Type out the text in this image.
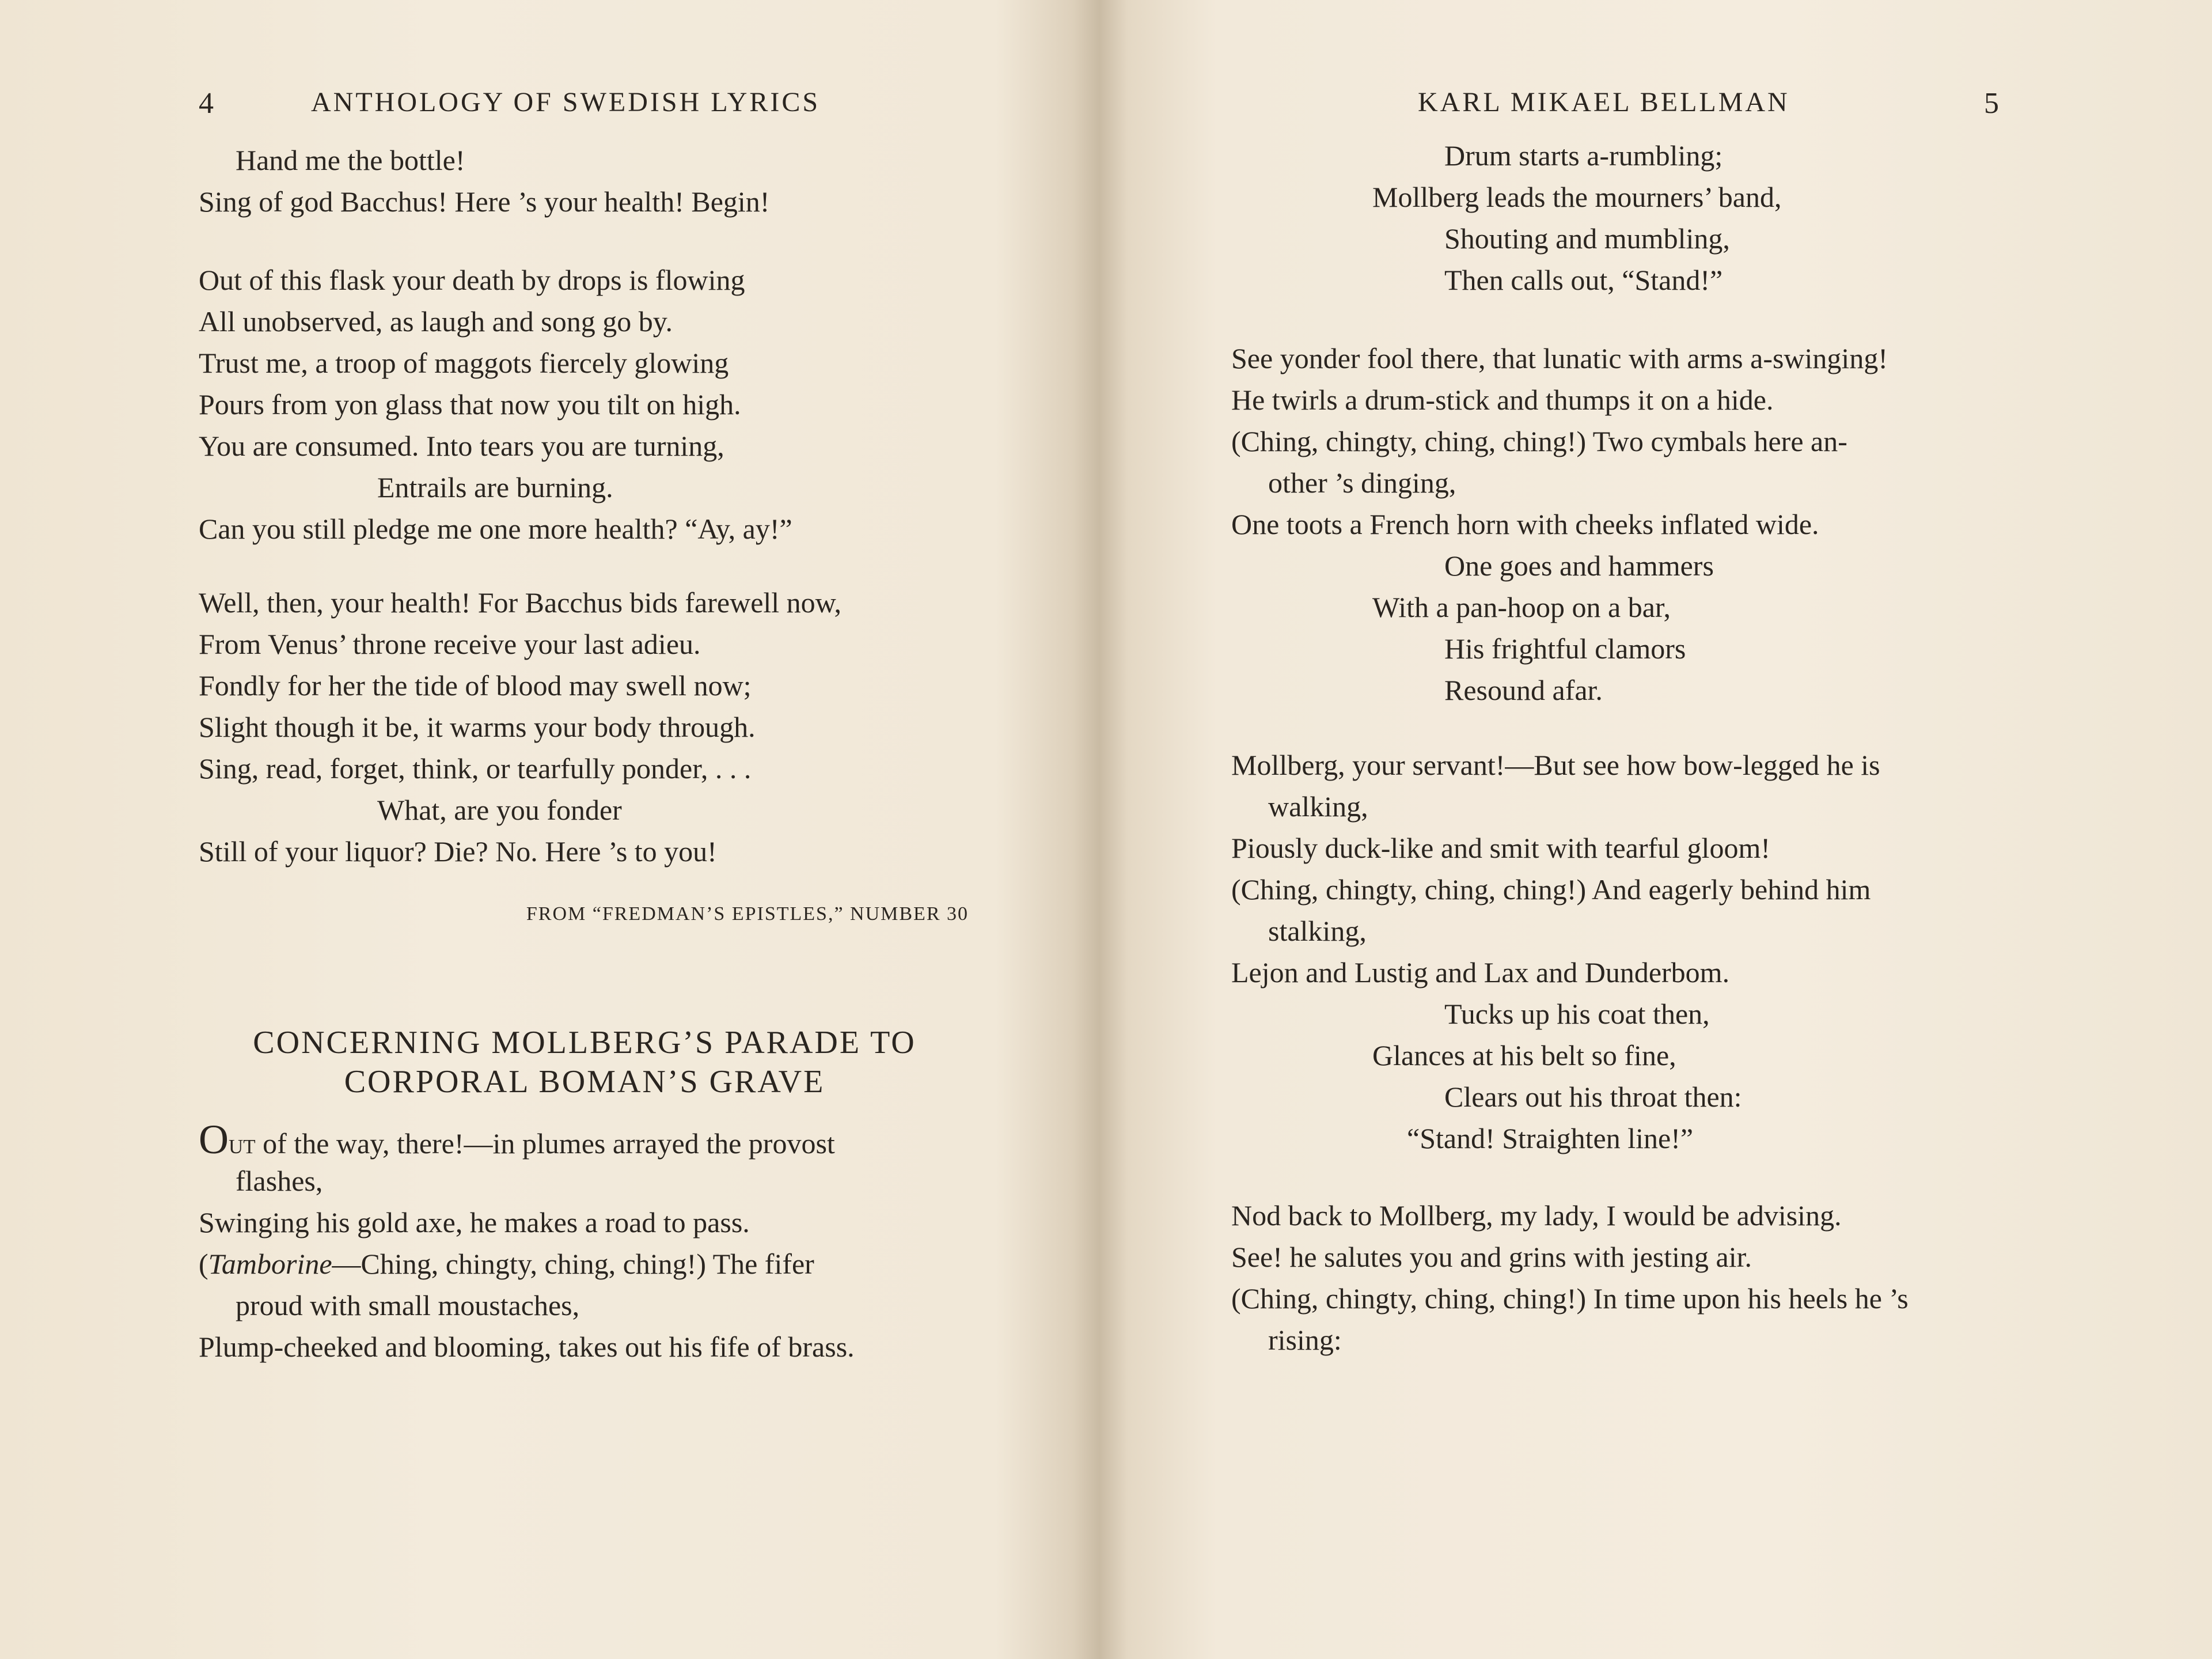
4	ANTHOLOGY OF SWEDISH LYRICS
Hand me the bottle!
Sing of god Bacchus! Here ’s your health! Begin!
Out of this flask your death by drops is flowing
All unobserved, as laugh and song go by.
Trust me, a troop of maggots fiercely glowing
Pours from yon glass that now you tilt on high.
You are consumed. Into tears you are turning,
Entrails are burning.
Can you still pledge me one more health? “Ay, ay!”
Well, then, your health! For Bacchus bids farewell now,
From Venus’ throne receive your last adieu.
Fondly for her the tide of blood may swell now;
Slight though it be, it warms your body through.
Sing, read, forget, think, or tearfully ponder, . . .
What, are you fonder
Still of your liquor? Die? No. Here ’s to you!
FROM “FREDMAN’S EPISTLES,” NUMBER 30
CONCERNING MOLLBERG’S PARADE TO
CORPORAL BOMAN’S GRAVE
Out of the way, there!—in plumes arrayed the provost
flashes,
Swinging his gold axe, he makes a road to pass.
(Tamborine—Ching, chingty, ching, ching!) The fifer
proud with small moustaches,
Plump-cheeked and blooming, takes out his fife of brass.
KARL MIKAEL BELLMAN	5
Drum starts a-rumbling;
Mollberg leads the mourners’ band,
Shouting and mumbling,
Then calls out, “Stand!”
See yonder fool there, that lunatic with arms a-swinging!
He twirls a drum-stick and thumps it on a hide.
(Ching, chingty, ching, ching!) Two cymbals here an-
other ’s dinging,
One toots a French horn with cheeks inflated wide.
One goes and hammers
With a pan-hoop on a bar,
His frightful clamors
Resound afar.
Mollberg, your servant!—But see how bow-legged he is
walking,
Piously duck-like and smit with tearful gloom!
(Ching, chingty, ching, ching!) And eagerly behind him
stalking,
Lejon and Lustig and Lax and Dunderbom.
Tucks up his coat then,
Glances at his belt so fine,
Clears out his throat then:
“Stand! Straighten line!”
Nod back to Mollberg, my lady, I would be advising.
See! he salutes you and grins with jesting air.
(Ching, chingty, ching, ching!) In time upon his heels he ’s
rising:
